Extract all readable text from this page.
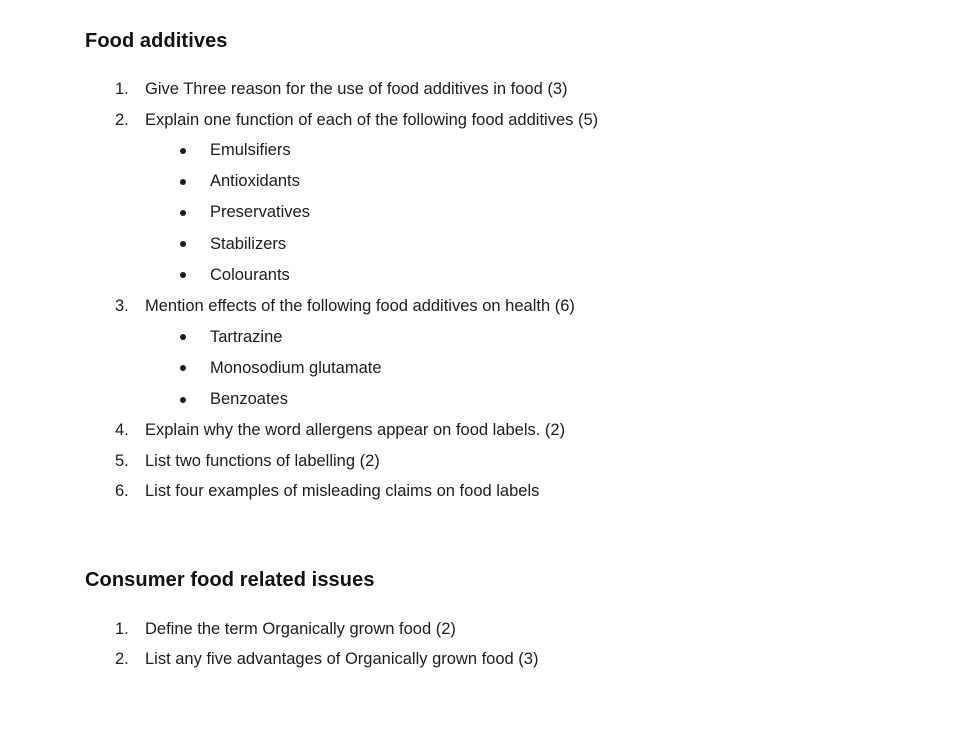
Food additives
1. Give Three reason for the use of food additives in food (3)
2. Explain one function of each of the following food additives (5)
Emulsifiers
Antioxidants
Preservatives
Stabilizers
Colourants
3. Mention effects of the following food additives on health (6)
Tartrazine
Monosodium glutamate
Benzoates
4. Explain why the word allergens appear on food labels. (2)
5. List two functions of labelling (2)
6. List four examples of misleading claims on food labels
Consumer food related issues
1. Define the term Organically grown food (2)
2. List any five advantages of Organically grown food (3)
